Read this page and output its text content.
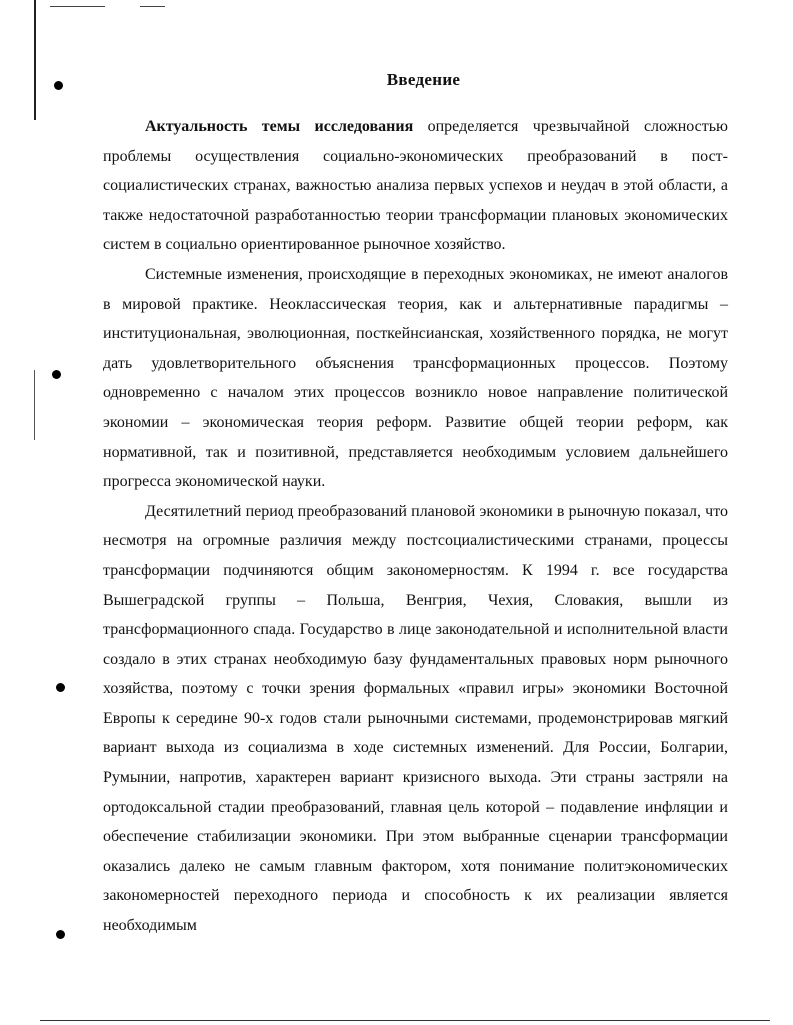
Введение

Актуальность темы исследования определяется чрезвычайной сложностью проблемы осуществления социально-экономических преобразований в постсоциалистических странах, важностью анализа первых успехов и неудач в этой области, а также недостаточной разработанностью теории трансформации плановых экономических систем в социально ориентированное рыночное хозяйство.

Системные изменения, происходящие в переходных экономиках, не имеют аналогов в мировой практике. Неоклассическая теория, как и альтернативные парадигмы – институциональная, эволюционная, посткейнсианская, хозяйственного порядка, не могут дать удовлетворительного объяснения трансформационных процессов. Поэтому одновременно с началом этих процессов возникло новое направление политической экономии – экономическая теория реформ. Развитие общей теории реформ, как нормативной, так и позитивной, представляется необходимым условием дальнейшего прогресса экономической науки.

Десятилетний период преобразований плановой экономики в рыночную показал, что несмотря на огромные различия между постсоциалистическими странами, процессы трансформации подчиняются общим закономерностям. К 1994 г. все государства Вышеградской группы – Польша, Венгрия, Чехия, Словакия, вышли из трансформационного спада. Государство в лице законодательной и исполнительной власти создало в этих странах необходимую базу фундаментальных правовых норм рыночного хозяйства, поэтому с точки зрения формальных «правил игры» экономики Восточной Европы к середине 90-х годов стали рыночными системами, продемонстрировав мягкий вариант выхода из социализма в ходе системных изменений. Для России, Болгарии, Румынии, напротив, характерен вариант кризисного выхода. Эти страны застряли на ортодоксальной стадии преобразований, главная цель которой – подавление инфляции и обеспечение стабилизации экономики. При этом выбранные сценарии трансформации оказались далеко не самым главным фактором, хотя понимание политэкономических закономерностей переходного периода и способность к их реализации является необходимым
